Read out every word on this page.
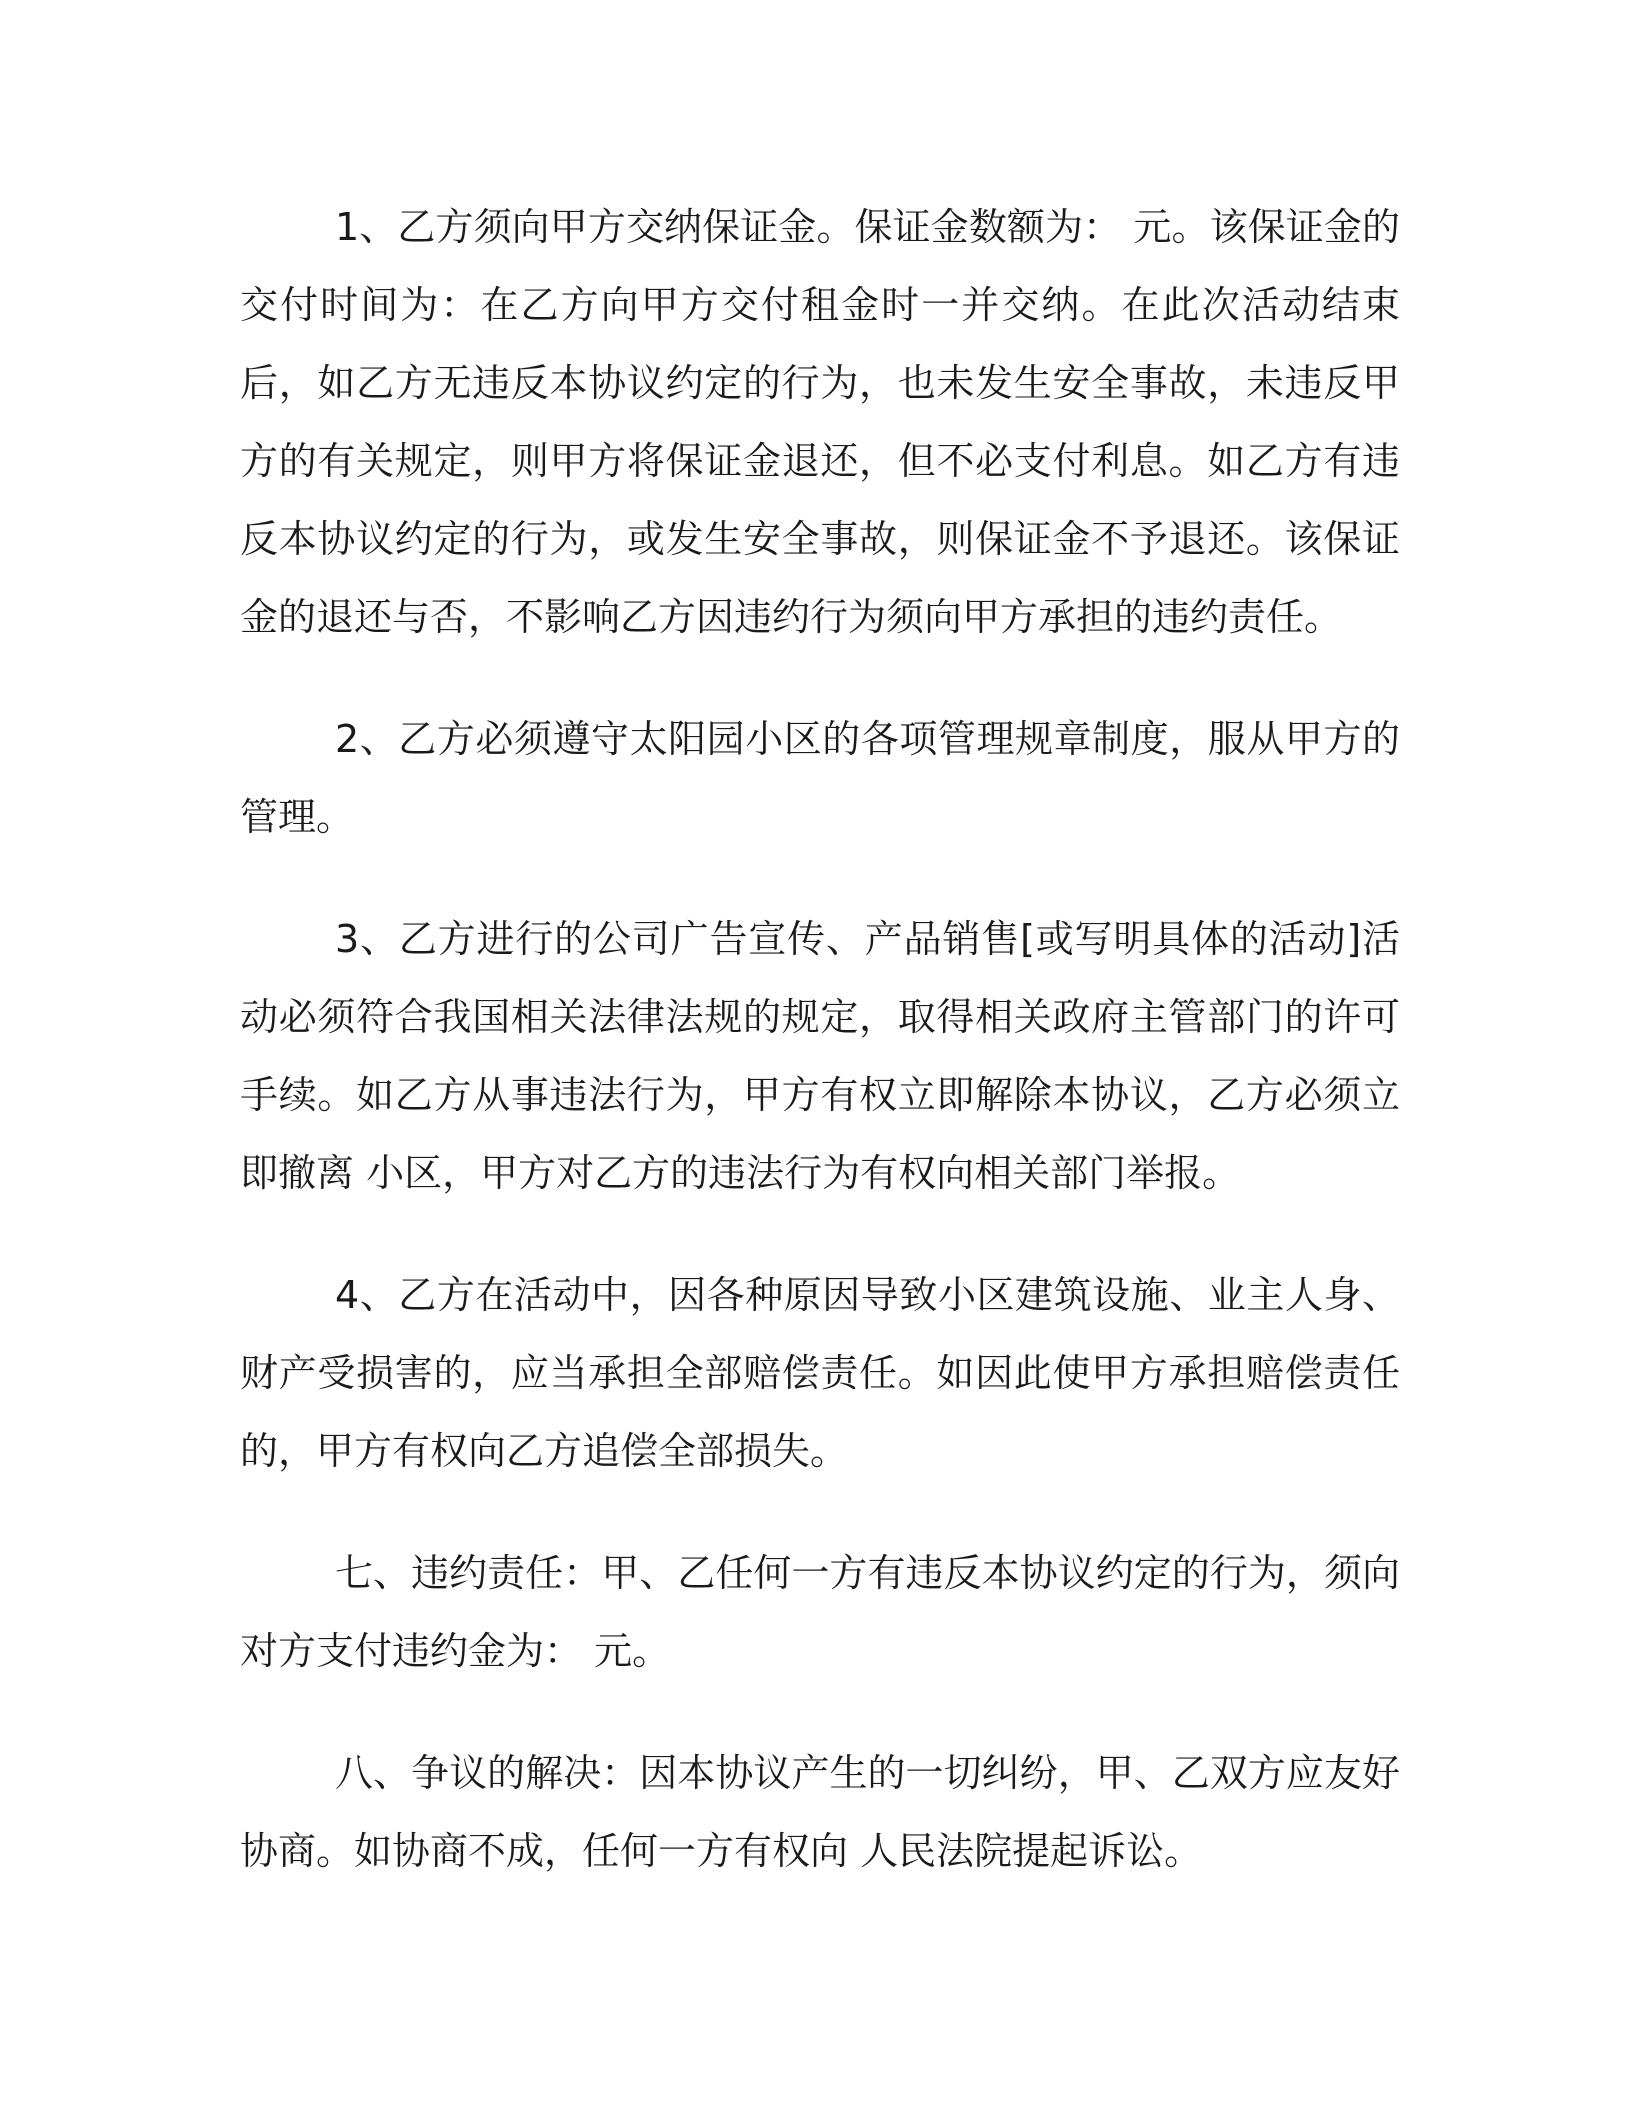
1、乙方须向甲方交纳保证金。保证金数额为： 元。该保证金的交付时间为：在乙方向甲方交付租金时一并交纳。在此次活动结束后，如乙方无违反本协议约定的行为，也未发生安全事故，未违反甲方的有关规定，则甲方将保证金退还，但不必支付利息。如乙方有违反本协议约定的行为，或发生安全事故，则保证金不予退还。该保证金的退还与否，不影响乙方因违约行为须向甲方承担的违约责任。

2、乙方必须遵守太阳园小区的各项管理规章制度，服从甲方的管理。

3、乙方进行的公司广告宣传、产品销售[或写明具体的活动]活动必须符合我国相关法律法规的规定，取得相关政府主管部门的许可手续。如乙方从事违法行为，甲方有权立即解除本协议，乙方必须立即撤离 小区，甲方对乙方的违法行为有权向相关部门举报。

4、乙方在活动中，因各种原因导致小区建筑设施、业主人身、财产受损害的，应当承担全部赔偿责任。如因此使甲方承担赔偿责任的，甲方有权向乙方追偿全部损失。

七、违约责任：甲、乙任何一方有违反本协议约定的行为，须向对方支付违约金为： 元。

八、争议的解决：因本协议产生的一切纠纷，甲、乙双方应友好协商。如协商不成，任何一方有权向 人民法院提起诉讼。
